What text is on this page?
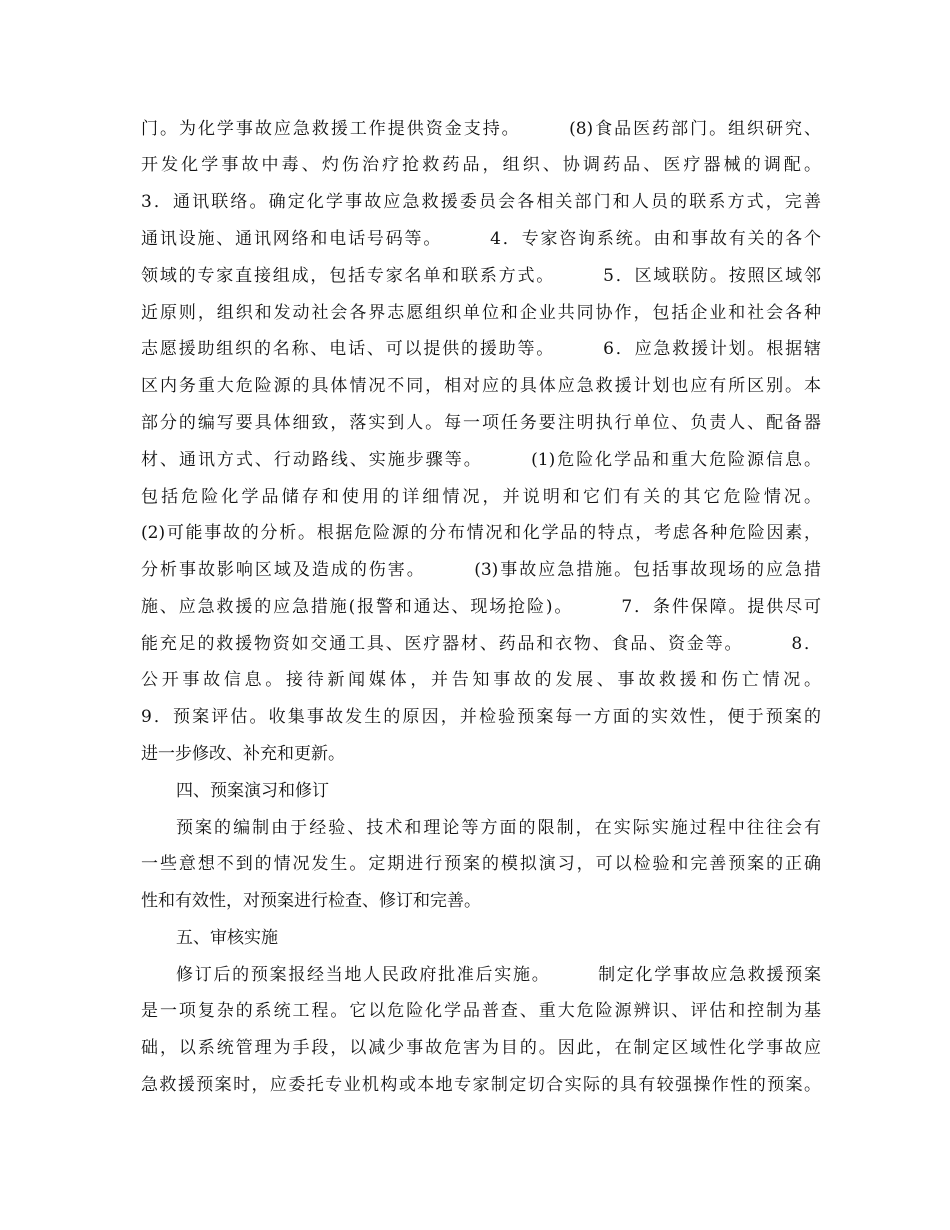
门。为化学事故应急救援工作提供资金支持。　　　(8)食品医药部门。组织研究、
开发化学事故中毒、灼伤治疗抢救药品，组织、协调药品、医疗器械的调配。
3．通讯联络。确定化学事故应急救援委员会各相关部门和人员的联系方式，完善
通讯设施、通讯网络和电话号码等。　　　4．专家咨询系统。由和事故有关的各个
领域的专家直接组成，包括专家名单和联系方式。　　　5．区域联防。按照区域邻
近原则，组织和发动社会各界志愿组织单位和企业共同协作，包括企业和社会各种
志愿援助组织的名称、电话、可以提供的援助等。　　　6．应急救援计划。根据辖
区内务重大危险源的具体情况不同，相对应的具体应急救援计划也应有所区别。本
部分的编写要具体细致，落实到人。每一项任务要注明执行单位、负责人、配备器
材、通讯方式、行动路线、实施步骤等。　　　(1)危险化学品和重大危险源信息。
包括危险化学品储存和使用的详细情况，并说明和它们有关的其它危险情况。
(2)可能事故的分析。根据危险源的分布情况和化学品的特点，考虑各种危险因素，
分析事故影响区域及造成的伤害。　　　(3)事故应急措施。包括事故现场的应急措
施、应急救援的应急措施(报警和通达、现场抢险)。　　　7．条件保障。提供尽可
能充足的救援物资如交通工具、医疗器材、药品和衣物、食品、资金等。　　　8．
公开事故信息。接待新闻媒体，并告知事故的发展、事故救援和伤亡情况。
9．预案评估。收集事故发生的原因，并检验预案每一方面的实效性，便于预案的
进一步修改、补充和更新。
四、预案演习和修订
预案的编制由于经验、技术和理论等方面的限制，在实际实施过程中往往会有
一些意想不到的情况发生。定期进行预案的模拟演习，可以检验和完善预案的正确
性和有效性，对预案进行检查、修订和完善。
五、审核实施
修订后的预案报经当地人民政府批准后实施。　　　制定化学事故应急救援预案
是一项复杂的系统工程。它以危险化学品普查、重大危险源辨识、评估和控制为基
础，以系统管理为手段，以减少事故危害为目的。因此，在制定区域性化学事故应
急救援预案时，应委托专业机构或本地专家制定切合实际的具有较强操作性的预案。
